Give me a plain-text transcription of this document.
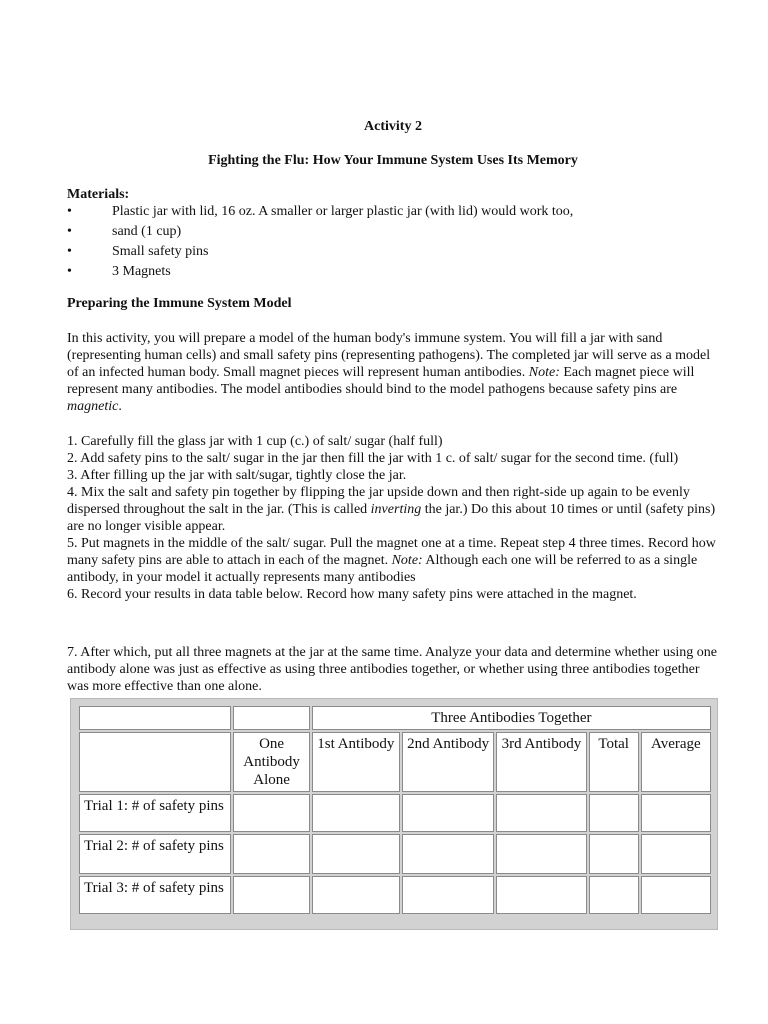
Activity 2
Fighting the Flu: How Your Immune System Uses Its Memory
Materials:
•	Plastic jar with lid, 16 oz. A smaller or larger plastic jar (with lid) would work too,
•	sand (1 cup)
•	Small safety pins
•	3 Magnets
Preparing the Immune System Model

In this activity, you will prepare a model of the human body's immune system. You will fill a jar with sand (representing human cells) and small safety pins (representing pathogens). The completed jar will serve as a model of an infected human body. Small magnet pieces will represent human antibodies. Note: Each magnet piece will represent many antibodies. The model antibodies should bind to the model pathogens because safety pins are magnetic.

1. Carefully fill the glass jar with 1 cup (c.) of salt/ sugar (half full)

2. Add safety pins to the salt/ sugar in the jar then fill the jar with 1 c. of salt/ sugar for the second time. (full)

3. After filling up the jar with salt/sugar, tightly close the jar.

4. Mix the salt and safety pin together by flipping the jar upside down and then right-side up again to be evenly dispersed throughout the salt in the jar. (This is called inverting the jar.) Do this about 10 times or until (safety pins) are no longer visible appear.

5. Put magnets in the middle of the salt/ sugar. Pull the magnet one at a time. Repeat step 4 three times. Record how many safety pins are able to attach in each of the magnet. Note: Although each one will be referred to as a single antibody, in your model it actually represents many antibodies

6. Record your results in data table below. Record how many safety pins were attached in the magnet.

7. After which, put all three magnets at the jar at the same time. Analyze your data and determine whether using one antibody alone was just as effective as using three antibodies together, or whether using three antibodies together was more effective than one alone.

		Three Antibodies Together				
	One Antibody Alone	1st Antibody	2nd Antibody	3rd Antibody	Total	Average
Trial 1: # of safety pins						
Trial 2: # of safety pins						
Trial 3: # of safety pins						
